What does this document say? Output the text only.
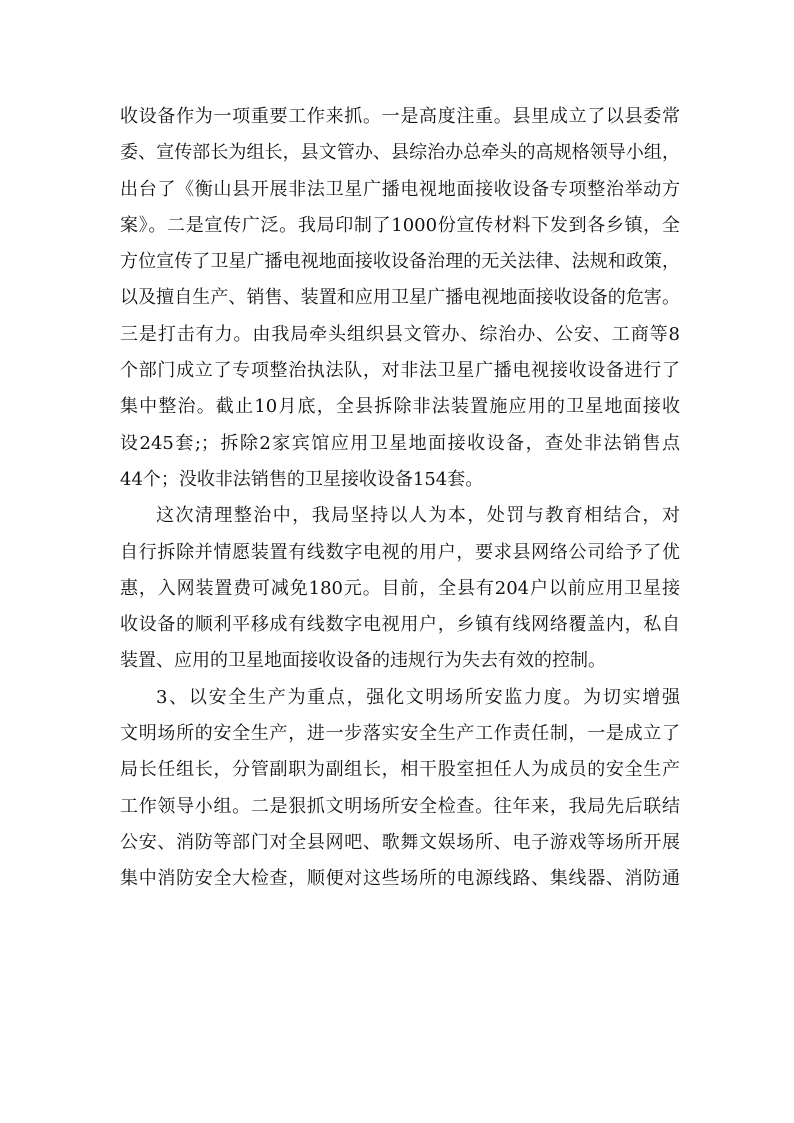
收设备作为一项重要工作来抓。一是高度注重。县里成立了以县委常
委、宣传部长为组长，县文管办、县综治办总牵头的高规格领导小组，
出台了《衡山县开展非法卫星广播电视地面接收设备专项整治举动方
案》。二是宣传广泛。我局印制了1000份宣传材料下发到各乡镇，全
方位宣传了卫星广播电视地面接收设备治理的无关法律、法规和政策，
以及擅自生产、销售、装置和应用卫星广播电视地面接收设备的危害。
三是打击有力。由我局牵头组织县文管办、综治办、公安、工商等8
个部门成立了专项整治执法队，对非法卫星广播电视接收设备进行了
集中整治。截止10月底，全县拆除非法装置施应用的卫星地面接收
设245套;；拆除2家宾馆应用卫星地面接收设备，查处非法销售点
44个；没收非法销售的卫星接收设备154套。
这次清理整治中，我局坚持以人为本，处罚与教育相结合，对
自行拆除并情愿装置有线数字电视的用户，要求县网络公司给予了优
惠，入网装置费可减免180元。目前，全县有204户以前应用卫星接
收设备的顺利平移成有线数字电视用户，乡镇有线网络覆盖内，私自
装置、应用的卫星地面接收设备的违规行为失去有效的控制。
3、以安全生产为重点，强化文明场所安监力度。为切实增强
文明场所的安全生产，进一步落实安全生产工作责任制，一是成立了
局长任组长，分管副职为副组长，相干股室担任人为成员的安全生产
工作领导小组。二是狠抓文明场所安全检查。往年来，我局先后联结
公安、消防等部门对全县网吧、歌舞文娱场所、电子游戏等场所开展
集中消防安全大检查，顺便对这些场所的电源线路、集线器、消防通
